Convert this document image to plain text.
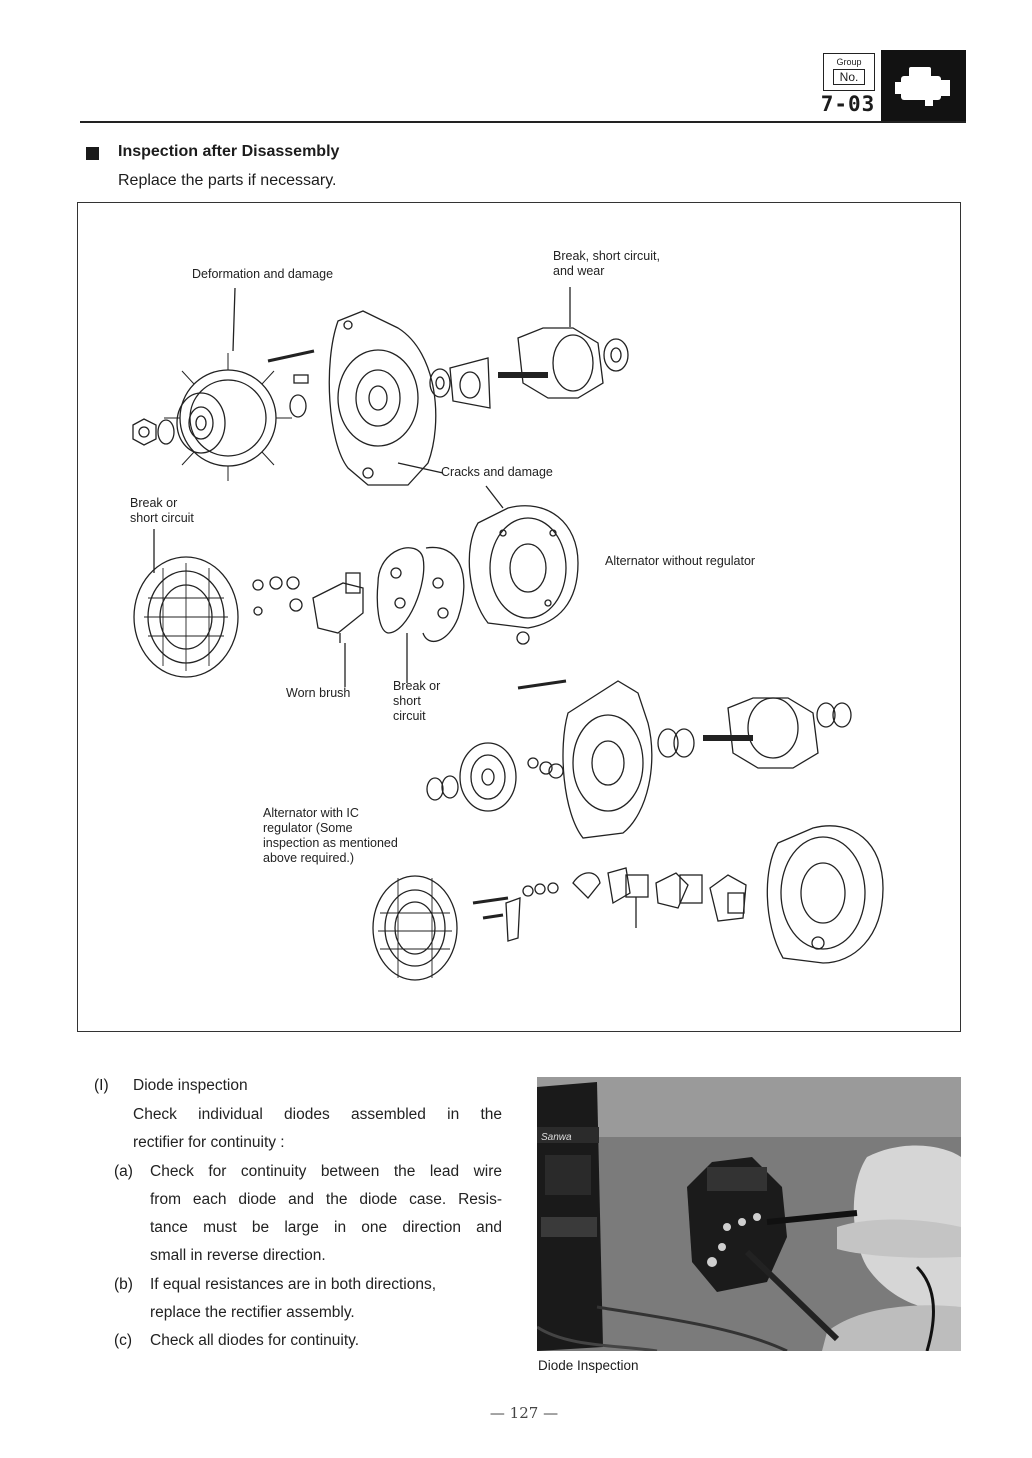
Group
No.
7-03
Inspection after Disassembly
Replace the parts if necessary.
Deformation and damage
Break, short circuit,
and wear
Cracks and damage
Break or
short circuit
Alternator without regulator
Worn brush	Break or
short
circuit
Alternator with IC
regulator (Some
inspection as mentioned
above required.)
(I) Diode inspection
Check individual diodes assembled in the
rectifier for continuity :
(a) Check for continuity between the lead wire
from each diode and the diode case. Resis-
tance must be large in one direction and
small in reverse direction.
(b) If equal resistances are in both directions,
replace the rectifier assembly.
(c) Check all diodes for continuity.
Sanwa
Diode Inspection
— 127 —
